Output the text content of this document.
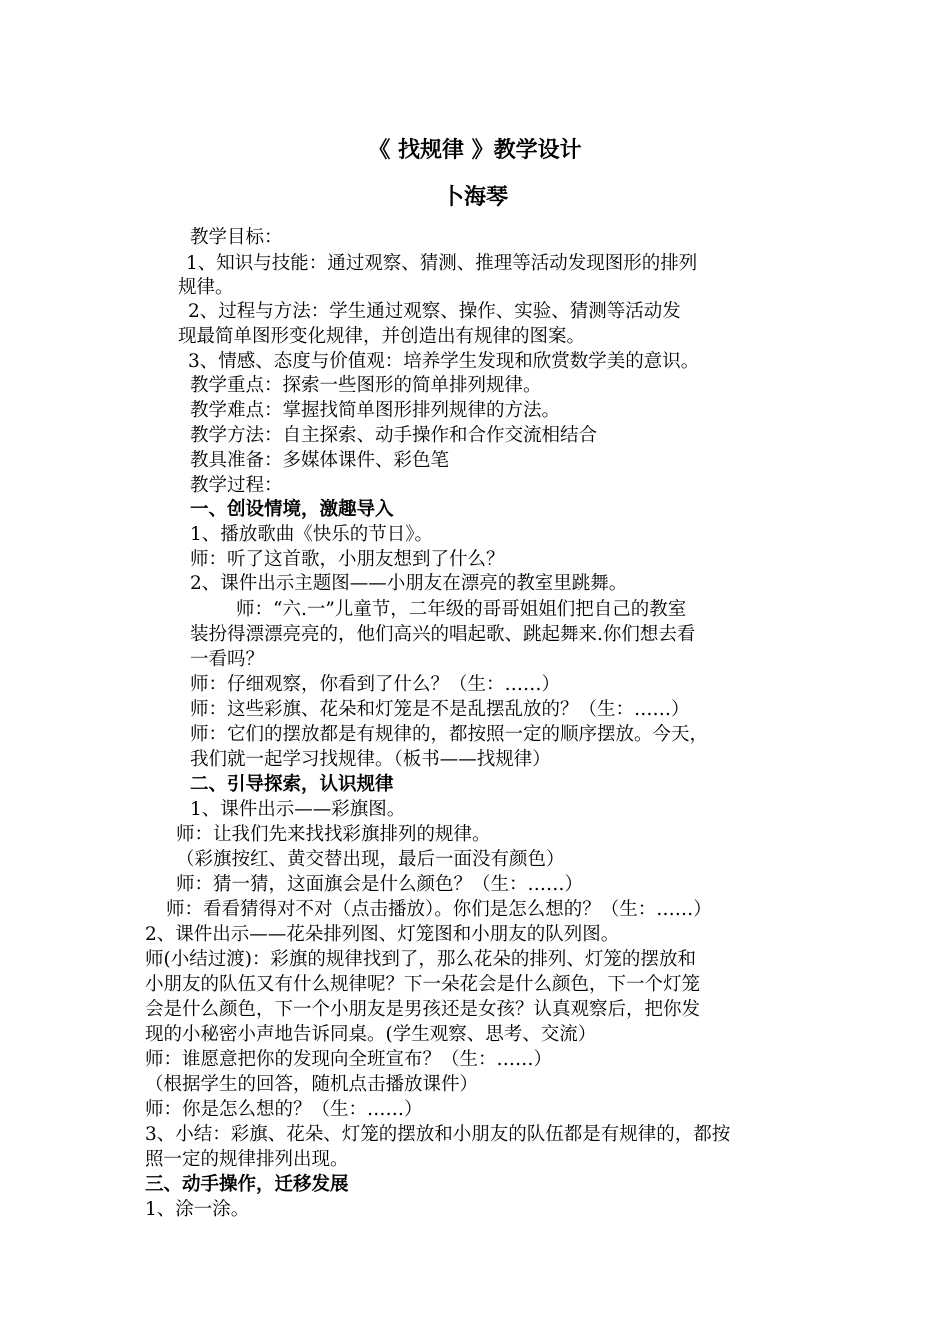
《 找规律 》教学设计
卜海琴
教学目标：
1、知识与技能：通过观察、猜测、推理等活动发现图形的排列
规律。
2、过程与方法：学生通过观察、操作、实验、猜测等活动发
现最简单图形变化规律，并创造出有规律的图案。
3、情感、态度与价值观：培养学生发现和欣赏数学美的意识。
教学重点：探索一些图形的简单排列规律。
教学难点：掌握找简单图形排列规律的方法。
教学方法：自主探索、动手操作和合作交流相结合
教具准备：多媒体课件、彩色笔
教学过程：
一、创设情境，激趣导入
1、播放歌曲《快乐的节日》。
师：听了这首歌，小朋友想到了什么？
2、课件出示主题图——小朋友在漂亮的教室里跳舞。
师：“六.一”儿童节，二年级的哥哥姐姐们把自己的教室
装扮得漂漂亮亮的，他们高兴的唱起歌、跳起舞来.你们想去看
一看吗？
师：仔细观察，你看到了什么？（生：……）
师：这些彩旗、花朵和灯笼是不是乱摆乱放的？（生：……）
师：它们的摆放都是有规律的，都按照一定的顺序摆放。今天，
我们就一起学习找规律。（板书——找规律）
二、引导探索，认识规律
1、课件出示——彩旗图。
师：让我们先来找找彩旗排列的规律。
（彩旗按红、黄交替出现，最后一面没有颜色）
师：猜一猜，这面旗会是什么颜色？（生：……）
师：看看猜得对不对（点击播放）。你们是怎么想的？（生：……）
2、课件出示——花朵排列图、灯笼图和小朋友的队列图。
师(小结过渡)：彩旗的规律找到了，那么花朵的排列、灯笼的摆放和
小朋友的队伍又有什么规律呢？下一朵花会是什么颜色，下一个灯笼
会是什么颜色，下一个小朋友是男孩还是女孩？认真观察后，把你发
现的小秘密小声地告诉同桌。(学生观察、思考、交流）
师：谁愿意把你的发现向全班宣布？（生：……）
（根据学生的回答，随机点击播放课件）
师：你是怎么想的？（生：……）
3、小结：彩旗、花朵、灯笼的摆放和小朋友的队伍都是有规律的，都按
照一定的规律排列出现。
三、动手操作，迁移发展
1、涂一涂。
